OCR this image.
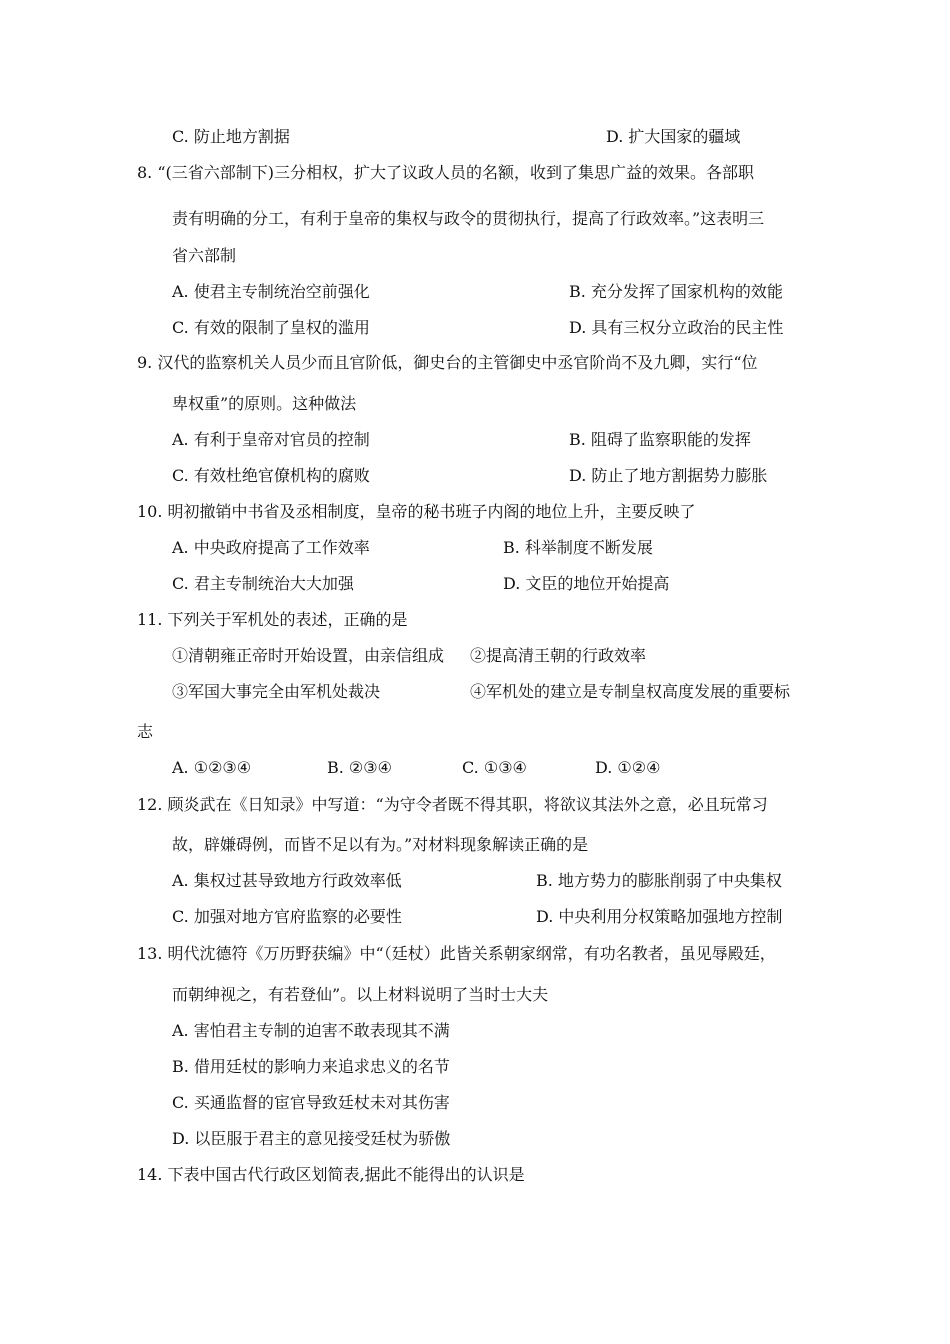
C. 防止地方割据	D. 扩大国家的疆域
8. “(三省六部制下)三分相权，扩大了议政人员的名额，收到了集思广益的效果。各部职
责有明确的分工，有利于皇帝的集权与政令的贯彻执行，提高了行政效率。”这表明三
省六部制
A. 使君主专制统治空前强化	B. 充分发挥了国家机构的效能
C. 有效的限制了皇权的滥用	D. 具有三权分立政治的民主性
9. 汉代的监察机关人员少而且官阶低，御史台的主管御史中丞官阶尚不及九卿，实行“位
卑权重”的原则。这种做法
A. 有利于皇帝对官员的控制	B. 阻碍了监察职能的发挥
C. 有效杜绝官僚机构的腐败	D. 防止了地方割据势力膨胀
10. 明初撤销中书省及丞相制度，皇帝的秘书班子内阁的地位上升，主要反映了
A. 中央政府提高了工作效率	B. 科举制度不断发展
C. 君主专制统治大大加强	D. 文臣的地位开始提高
11. 下列关于军机处的表述，正确的是
①清朝雍正帝时开始设置，由亲信组成 ②提高清王朝的行政效率
③军国大事完全由军机处裁决	④军机处的建立是专制皇权高度发展的重要标
志
A. ①②③④	B. ②③④	C. ①③④	D. ①②④
12. 顾炎武在《日知录》中写道：“为守令者既不得其职，将欲议其法外之意，必且玩常习
故，辟嫌碍例，而皆不足以有为。”对材料现象解读正确的是
A. 集权过甚导致地方行政效率低	B. 地方势力的膨胀削弱了中央集权
C. 加强对地方官府监察的必要性	D. 中央利用分权策略加强地方控制
13. 明代沈德符《万历野获编》中“（廷杖）此皆关系朝家纲常，有功名教者，虽见辱殿廷，
而朝绅视之，有若登仙”。以上材料说明了当时士大夫
A. 害怕君主专制的迫害不敢表现其不满
B. 借用廷杖的影响力来追求忠义的名节
C. 买通监督的宦官导致廷杖未对其伤害
D. 以臣服于君主的意见接受廷杖为骄傲
14. 下表中国古代行政区划简表,据此不能得出的认识是
